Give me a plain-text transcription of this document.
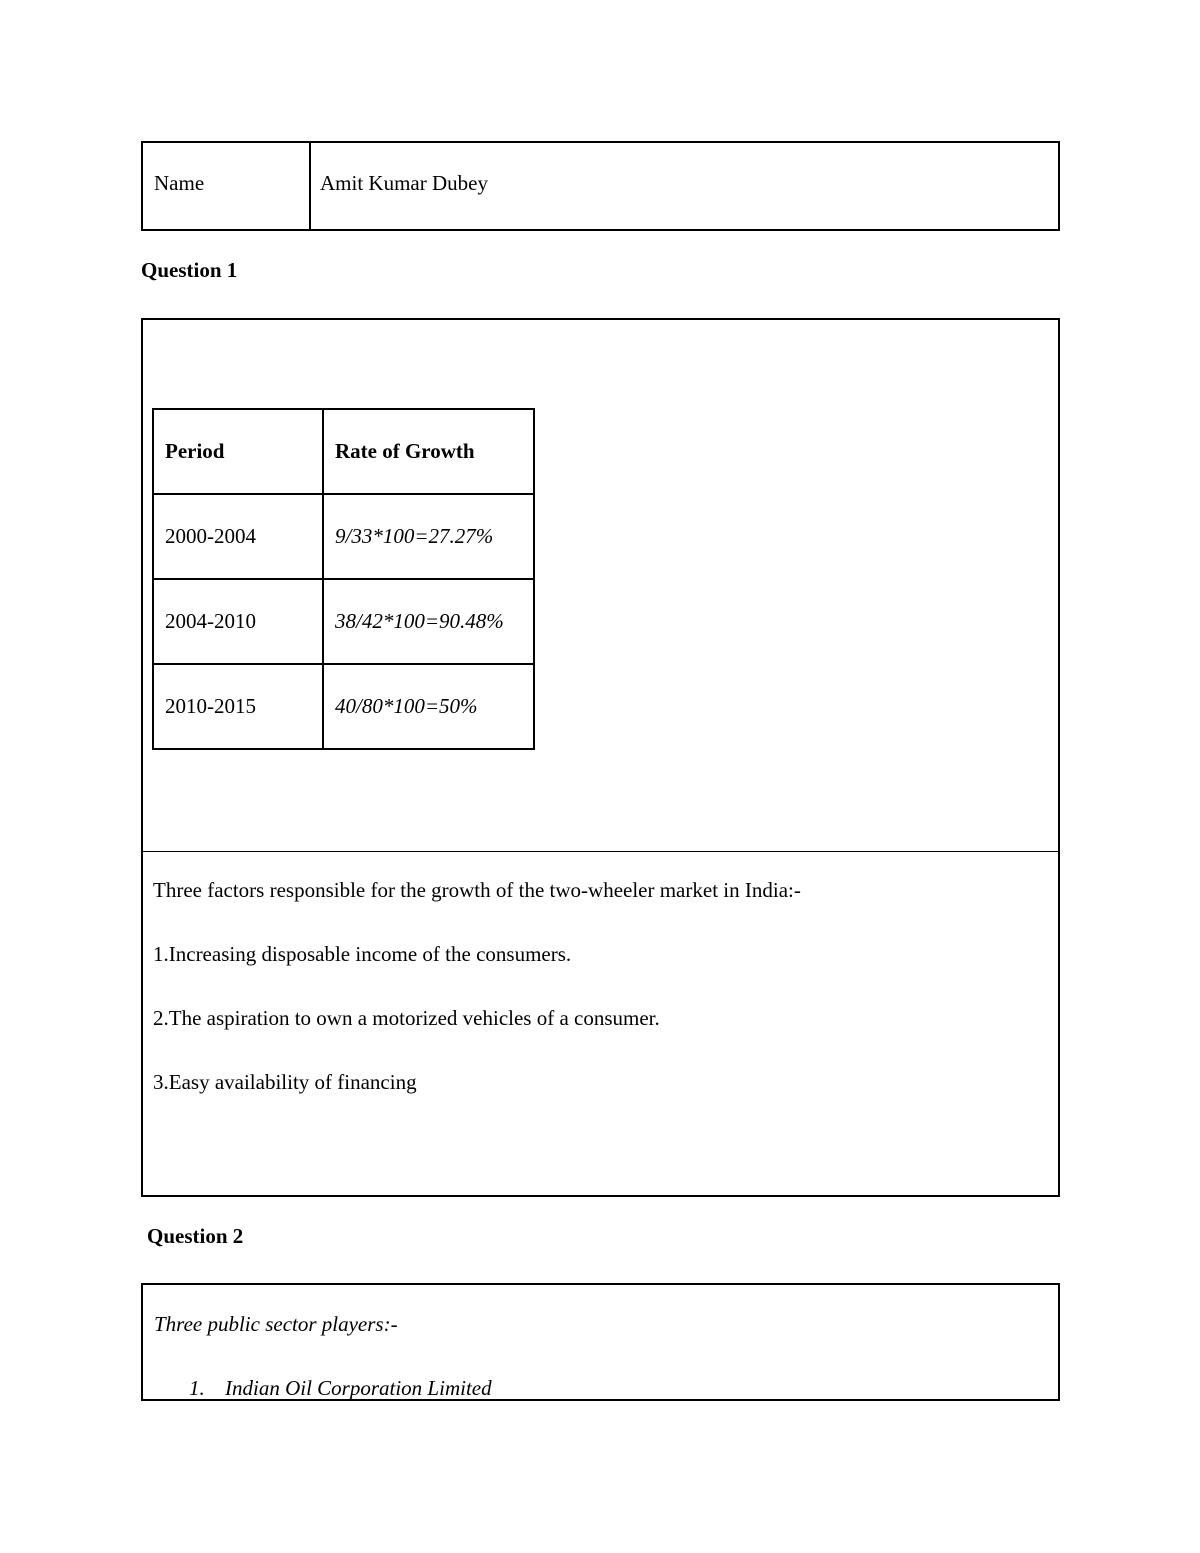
Name	Amit Kumar Dubey
Question 1
Period	Rate of Growth
2000-2004	9/33*100=27.27%
2004-2010	38/42*100=90.48%
2010-2015	40/80*100=50%
Three factors responsible for the growth of the two-wheeler market in India:-
1.Increasing disposable income of the consumers.
2.The aspiration to own a motorized vehicles of a consumer.
3.Easy availability of financing
Question 2
Three public sector players:-
1. Indian Oil Corporation Limited
